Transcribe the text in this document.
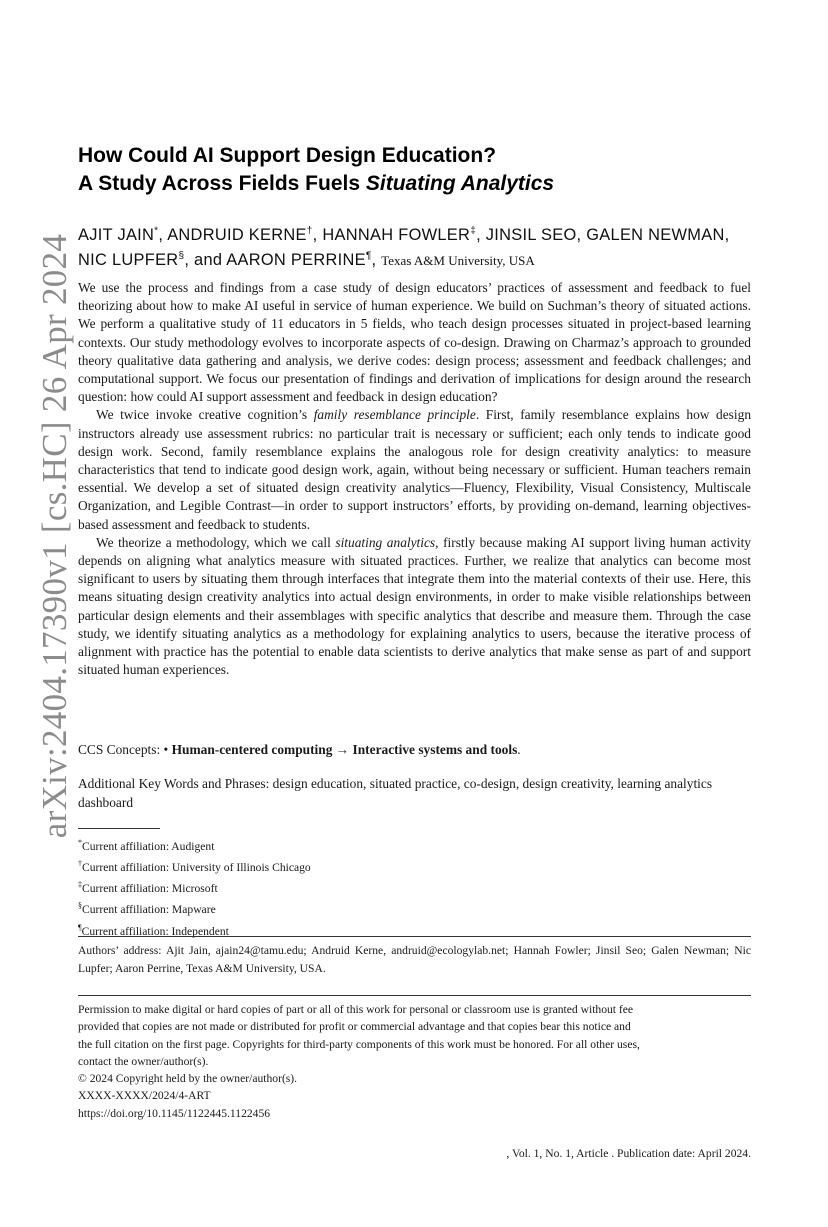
arXiv:2404.17390v1 [cs.HC] 26 Apr 2024
How Could AI Support Design Education?
A Study Across Fields Fuels Situating Analytics
AJIT JAIN*, ANDRUID KERNE†, HANNAH FOWLER‡, JINSIL SEO, GALEN NEWMAN,
NIC LUPFER§, and AARON PERRINE¶, Texas A&M University, USA

We use the process and findings from a case study of design educators’ practices of assessment and feedback to fuel theorizing about how to make AI useful in service of human experience. We build on Suchman’s theory of situated actions. We perform a qualitative study of 11 educators in 5 fields, who teach design processes situated in project-based learning contexts. Our study methodology evolves to incorporate aspects of co-design. Drawing on Charmaz’s approach to grounded theory qualitative data gathering and analysis, we derive codes: design process; assessment and feedback challenges; and computational support. We focus our presentation of findings and derivation of implications for design around the research question: how could AI support assessment and feedback in design education?

We twice invoke creative cognition’s family resemblance principle. First, family resemblance explains how design instructors already use assessment rubrics: no particular trait is necessary or sufficient; each only tends to indicate good design work. Second, family resemblance explains the analogous role for design creativity analytics: to measure characteristics that tend to indicate good design work, again, without being necessary or sufficient. Human teachers remain essential. We develop a set of situated design creativity analytics—Fluency, Flexibility, Visual Consistency, Multiscale Organization, and Legible Contrast—in order to support instructors’ efforts, by providing on-demand, learning objectives-based assessment and feedback to students.

We theorize a methodology, which we call situating analytics, firstly because making AI support living human activity depends on aligning what analytics measure with situated practices. Further, we realize that analytics can become most significant to users by situating them through interfaces that integrate them into the material contexts of their use. Here, this means situating design creativity analytics into actual design environments, in order to make visible relationships between particular design elements and their assemblages with specific analytics that describe and measure them. Through the case study, we identify situating analytics as a methodology for explaining analytics to users, because the iterative process of alignment with practice has the potential to enable data scientists to derive analytics that make sense as part of and support situated human experiences.

CCS Concepts: • Human-centered computing → Interactive systems and tools.
Additional Key Words and Phrases: design education, situated practice, co-design, design creativity, learning analytics dashboard
*Current affiliation: Audigent
†Current affiliation: University of Illinois Chicago
‡Current affiliation: Microsoft
§Current affiliation: Mapware
¶Current affiliation: Independent
Authors’ address: Ajit Jain, ajain24@tamu.edu; Andruid Kerne, andruid@ecologylab.net; Hannah Fowler; Jinsil Seo; Galen Newman; Nic Lupfer; Aaron Perrine, Texas A&M University, USA.
Permission to make digital or hard copies of part or all of this work for personal or classroom use is granted without fee
provided that copies are not made or distributed for profit or commercial advantage and that copies bear this notice and
the full citation on the first page. Copyrights for third-party components of this work must be honored. For all other uses,
contact the owner/author(s).
© 2024 Copyright held by the owner/author(s).
XXXX-XXXX/2024/4-ART
https://doi.org/10.1145/1122445.1122456
, Vol. 1, No. 1, Article . Publication date: April 2024.
